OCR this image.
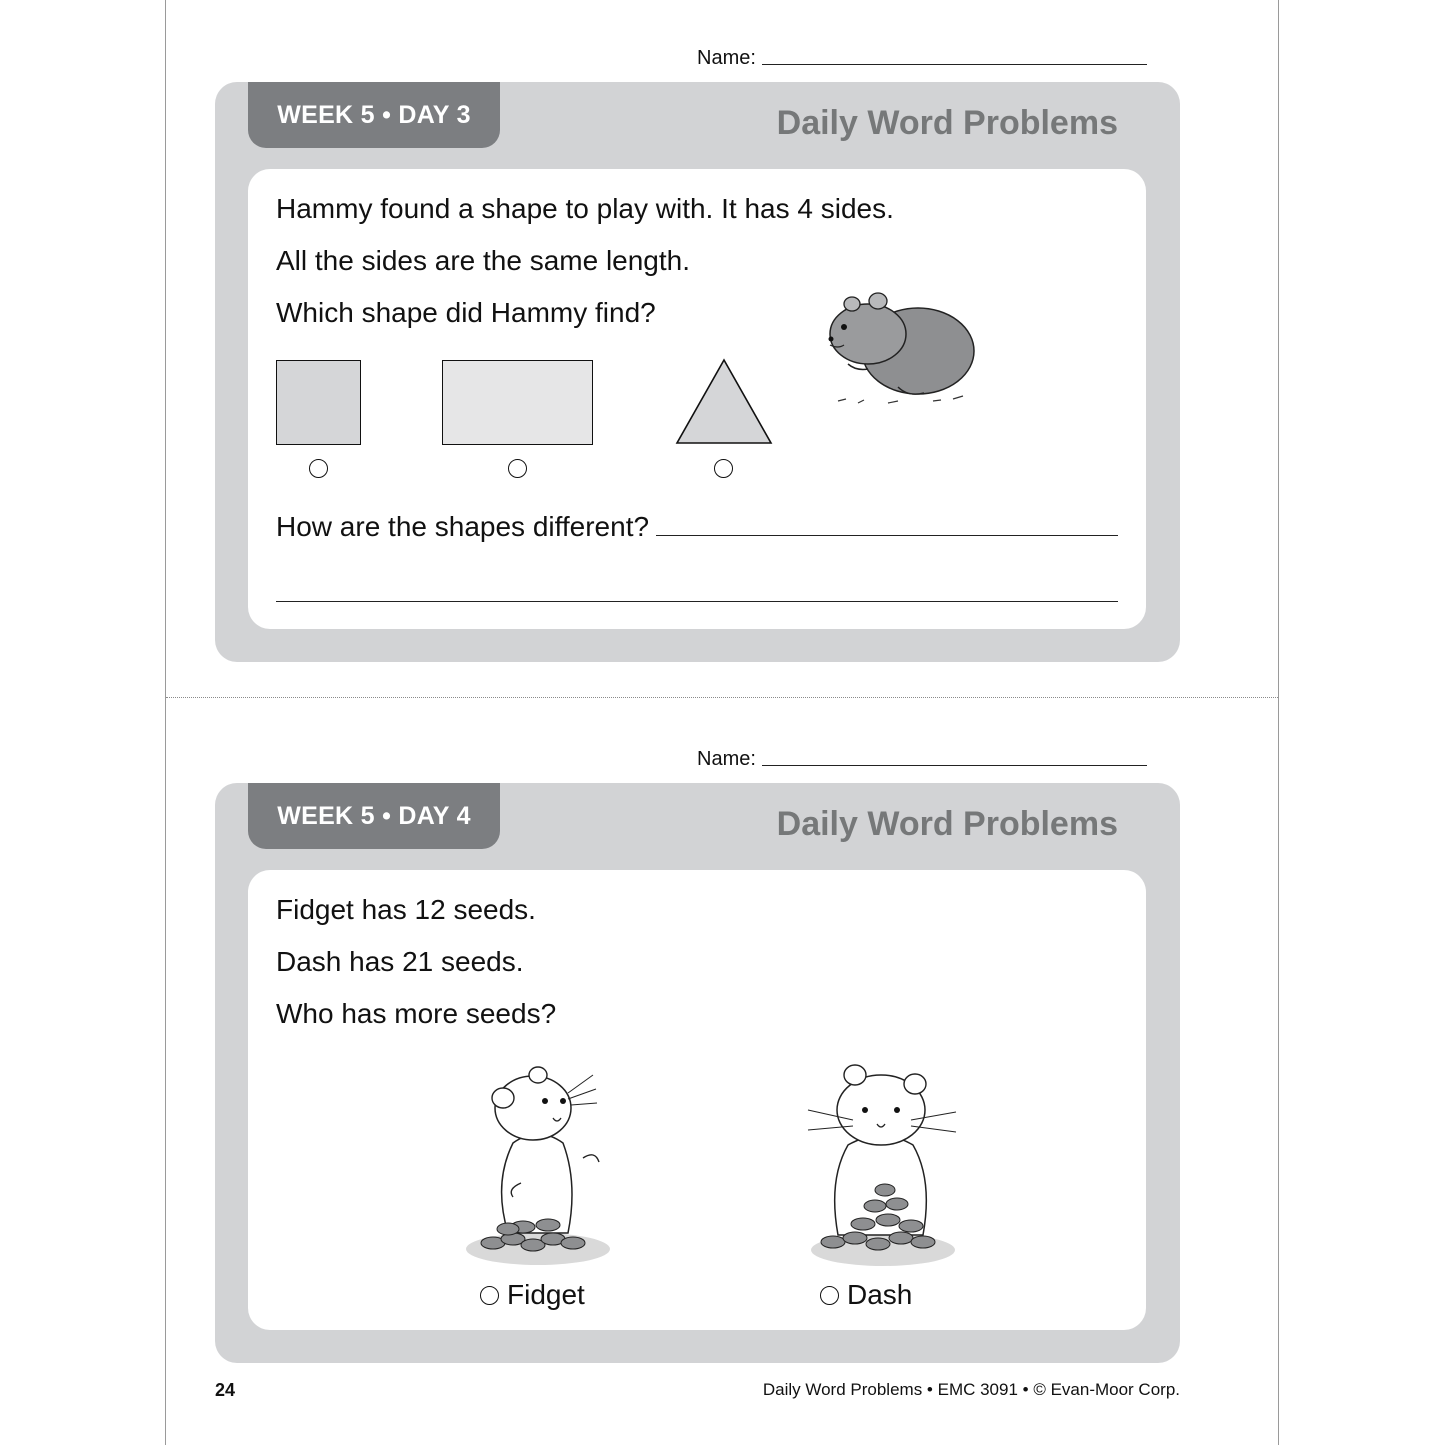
Name:
WEEK 5 • DAY 3	Daily Word Problems
Hammy found a shape to play with. It has 4 sides.
All the sides are the same length.
Which shape did Hammy find?
How are the shapes different?
Name:
WEEK 5 • DAY 4	Daily Word Problems
Fidget has 12 seeds.
Dash has 21 seeds.
Who has more seeds?
Fidget	Dash
24	Daily Word Problems • EMC 3091 • © Evan-Moor Corp.
